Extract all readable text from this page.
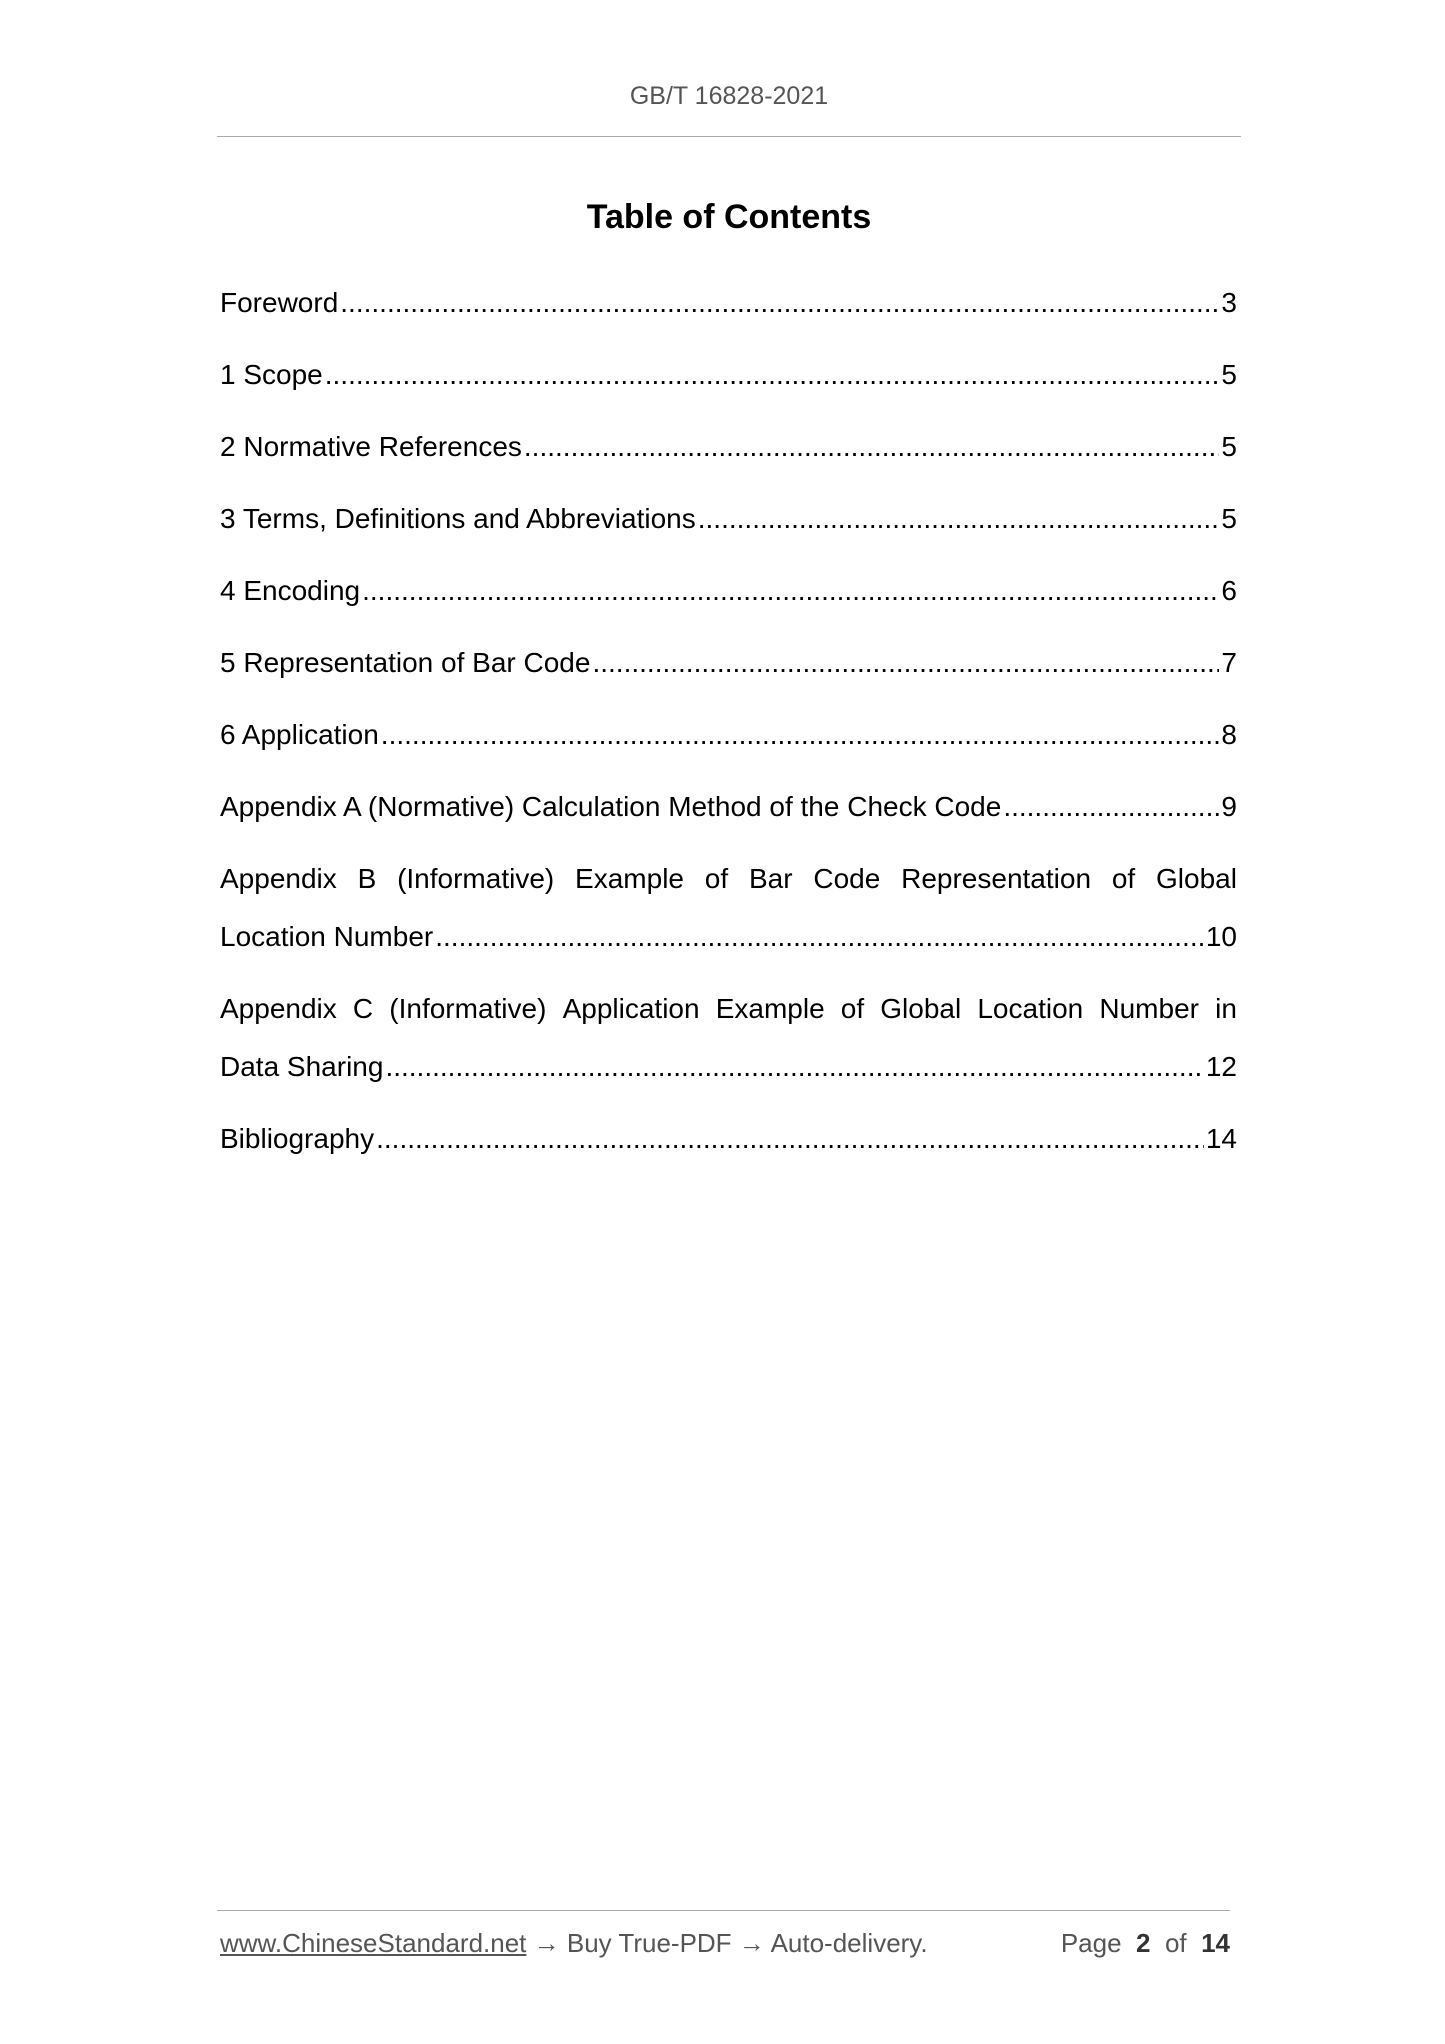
GB/T 16828-2021
Table of Contents
Foreword .....	3
1 Scope .....	5
2 Normative References .....	5
3 Terms, Definitions and Abbreviations .....	5
4 Encoding .....	6
5 Representation of Bar Code .....	7
6 Application .....	8
Appendix A (Normative) Calculation Method of the Check Code .....	9
Appendix B (Informative) Example of Bar Code Representation of Global
Location Number .....	10
Appendix C (Informative) Application Example of Global Location Number in
Data Sharing .....	12
Bibliography .....	14
www.ChineseStandard.net → Buy True-PDF → Auto-delivery.	Page 2 of 14
